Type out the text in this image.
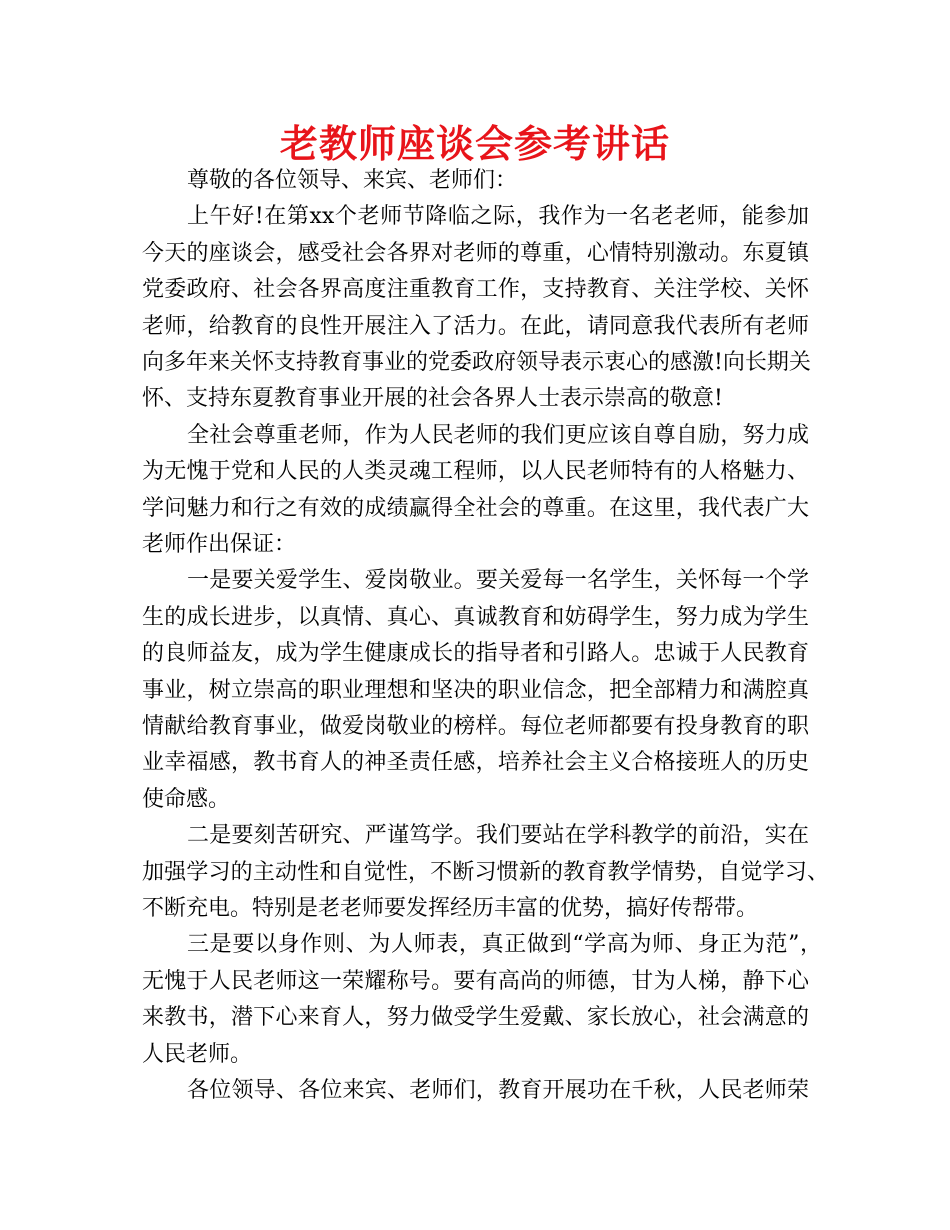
老教师座谈会参考讲话
尊敬的各位领导、来宾、老师们：
上午好!在第xx个老师节降临之际，我作为一名老老师，能参加
今天的座谈会，感受社会各界对老师的尊重，心情特别激动。东夏镇
党委政府、社会各界高度注重教育工作，支持教育、关注学校、关怀
老师，给教育的良性开展注入了活力。在此，请同意我代表所有老师
向多年来关怀支持教育事业的党委政府领导表示衷心的感激!向长期关
怀、支持东夏教育事业开展的社会各界人士表示崇高的敬意!
全社会尊重老师，作为人民老师的我们更应该自尊自励，努力成
为无愧于党和人民的人类灵魂工程师，以人民老师特有的人格魅力、
学问魅力和行之有效的成绩赢得全社会的尊重。在这里，我代表广大
老师作出保证：
一是要关爱学生、爱岗敬业。要关爱每一名学生，关怀每一个学
生的成长进步，以真情、真心、真诚教育和妨碍学生，努力成为学生
的良师益友，成为学生健康成长的指导者和引路人。忠诚于人民教育
事业，树立崇高的职业理想和坚决的职业信念，把全部精力和满腔真
情献给教育事业，做爱岗敬业的榜样。每位老师都要有投身教育的职
业幸福感，教书育人的神圣责任感，培养社会主义合格接班人的历史
使命感。
二是要刻苦研究、严谨笃学。我们要站在学科教学的前沿，实在
加强学习的主动性和自觉性，不断习惯新的教育教学情势，自觉学习、
不断充电。特别是老老师要发挥经历丰富的优势，搞好传帮带。
三是要以身作则、为人师表，真正做到“学高为师、身正为范”，
无愧于人民老师这一荣耀称号。要有高尚的师德，甘为人梯，静下心
来教书，潜下心来育人，努力做受学生爱戴、家长放心，社会满意的
人民老师。
各位领导、各位来宾、老师们，教育开展功在千秋，人民老师荣
